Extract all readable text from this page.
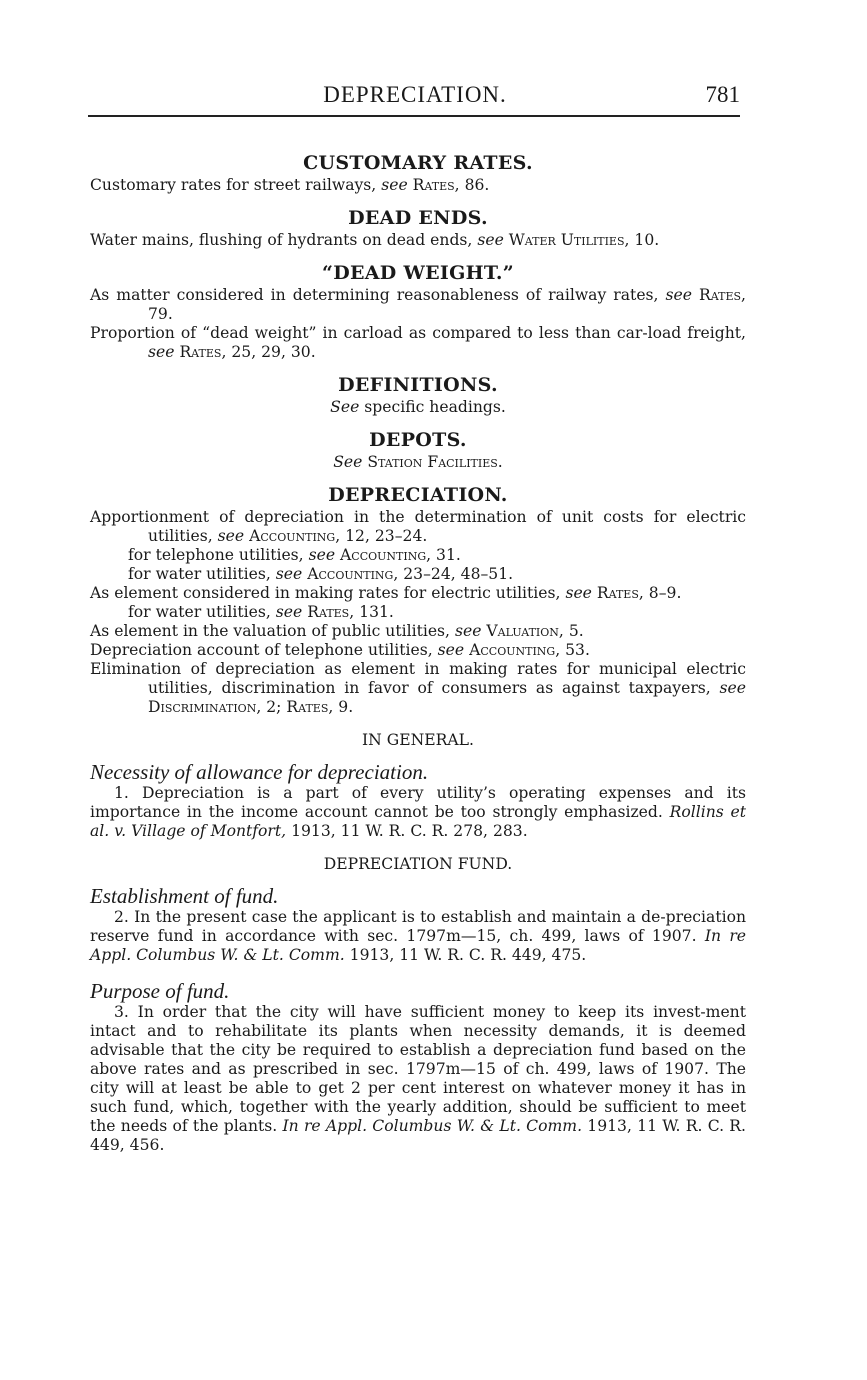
DEPRECIATION.	781
CUSTOMARY RATES.

Customary rates for street railways, see Rates, 86.

DEAD ENDS.

Water mains, flushing of hydrants on dead ends, see Water Utilities, 10.

“DEAD WEIGHT.”

As matter considered in determining reasonableness of railway rates, see Rates, 79.

Proportion of “dead weight” in carload as compared to less than car-load freight, see Rates, 25, 29, 30.

DEFINITIONS.

See specific headings.

DEPOTS.

See Station Facilities.

DEPRECIATION.

Apportionment of depreciation in the determination of unit costs for electric utilities, see Accounting, 12, 23–24.

for telephone utilities, see Accounting, 31.

for water utilities, see Accounting, 23–24, 48–51.

As element considered in making rates for electric utilities, see Rates, 8–9.

for water utilities, see Rates, 131.

As element in the valuation of public utilities, see Valuation, 5.

Depreciation account of telephone utilities, see Accounting, 53.

Elimination of depreciation as element in making rates for municipal electric utilities, discrimination in favor of consumers as against taxpayers, see Discrimination, 2; Rates, 9.

IN GENERAL.

Necessity of allowance for depreciation.

1. Depreciation is a part of every utility’s operating expenses and its importance in the income account cannot be too strongly emphasized. Rollins et al. v. Village of Montfort, 1913, 11 W. R. C. R. 278, 283.

DEPRECIATION FUND.

Establishment of fund.

2. In the present case the applicant is to establish and maintain a de-preciation reserve fund in accordance with sec. 1797m—15, ch. 499, laws of 1907. In re Appl. Columbus W. & Lt. Comm. 1913, 11 W. R. C. R. 449, 475.

Purpose of fund.

3. In order that the city will have sufficient money to keep its invest-ment intact and to rehabilitate its plants when necessity demands, it is deemed advisable that the city be required to establish a depreciation fund based on the above rates and as prescribed in sec. 1797m—15 of ch. 499, laws of 1907. The city will at least be able to get 2 per cent interest on whatever money it has in such fund, which, together with the yearly addition, should be sufficient to meet the needs of the plants. In re Appl. Columbus W. & Lt. Comm. 1913, 11 W. R. C. R. 449, 456.
